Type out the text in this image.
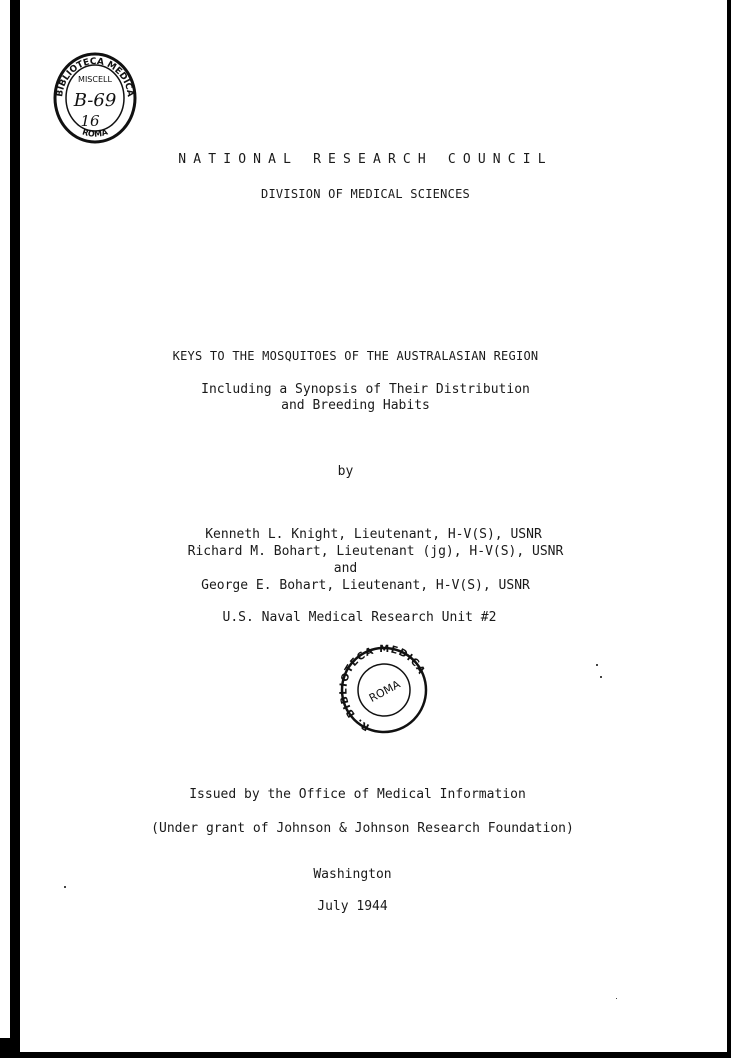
BIBLIOTECA MEDICA
ROMA
MISCELL
B-69
16
NATIONAL RESEARCH COUNCIL
DIVISION OF MEDICAL SCIENCES
KEYS TO THE MOSQUITOES OF THE AUSTRALASIAN REGION
Including a Synopsis of Their Distribution
and Breeding Habits
by
Kenneth L. Knight, Lieutenant, H-V(S), USNR
Richard M. Bohart, Lieutenant (jg), H-V(S), USNR
and
George E. Bohart, Lieutenant, H-V(S), USNR
U.S. Naval Medical Research Unit #2
R. BIBLIOTECA MEDICA
ROMA
Issued by the Office of Medical Information
(Under grant of Johnson & Johnson Research Foundation)
Washington
July 1944
